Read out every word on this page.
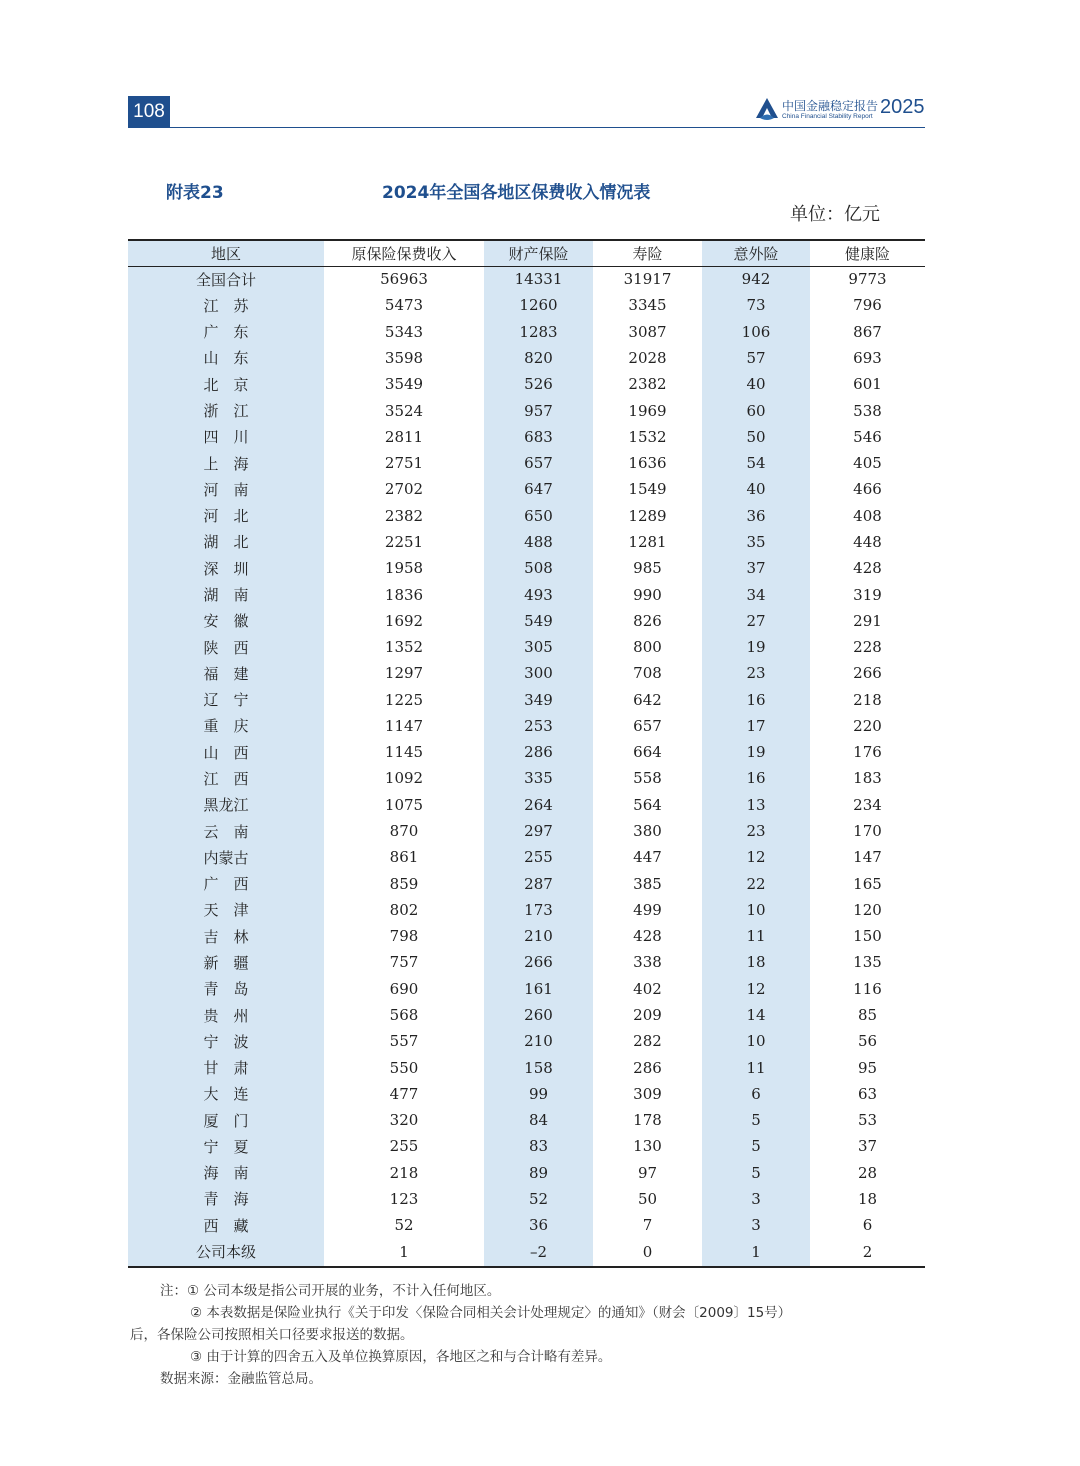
108	中国金融稳定报告
China Financial Stability Report 2025
附表23	2024年全国各地区保费收入情况表
单位：亿元
地区	原保险保费收入	财产保险	寿险	意外险	健康险
全国合计	56963	14331	31917	942	9773
江　苏	5473	1260	3345	73	796
广　东	5343	1283	3087	106	867
山　东	3598	820	2028	57	693
北　京	3549	526	2382	40	601
浙　江	3524	957	1969	60	538
四　川	2811	683	1532	50	546
上　海	2751	657	1636	54	405
河　南	2702	647	1549	40	466
河　北	2382	650	1289	36	408
湖　北	2251	488	1281	35	448
深　圳	1958	508	985	37	428
湖　南	1836	493	990	34	319
安　徽	1692	549	826	27	291
陕　西	1352	305	800	19	228
福　建	1297	300	708	23	266
辽　宁	1225	349	642	16	218
重　庆	1147	253	657	17	220
山　西	1145	286	664	19	176
江　西	1092	335	558	16	183
黑龙江	1075	264	564	13	234
云　南	870	297	380	23	170
内蒙古	861	255	447	12	147
广　西	859	287	385	22	165
天　津	802	173	499	10	120
吉　林	798	210	428	11	150
新　疆	757	266	338	18	135
青　岛	690	161	402	12	116
贵　州	568	260	209	14	85
宁　波	557	210	282	10	56
甘　肃	550	158	286	11	95
大　连	477	99	309	6	63
厦　门	320	84	178	5	53
宁　夏	255	83	130	5	37
海　南	218	89	97	5	28
青　海	123	52	50	3	18
西　藏	52	36	7	3	6
公司本级	1	–2	0	1	2

注：① 公司本级是指公司开展的业务，不计入任何地区。

② 本表数据是保险业执行《关于印发〈保险合同相关会计处理规定〉的通知》（财会〔2009〕15号）

后，各保险公司按照相关口径要求报送的数据。

③ 由于计算的四舍五入及单位换算原因，各地区之和与合计略有差异。

数据来源：金融监管总局。
